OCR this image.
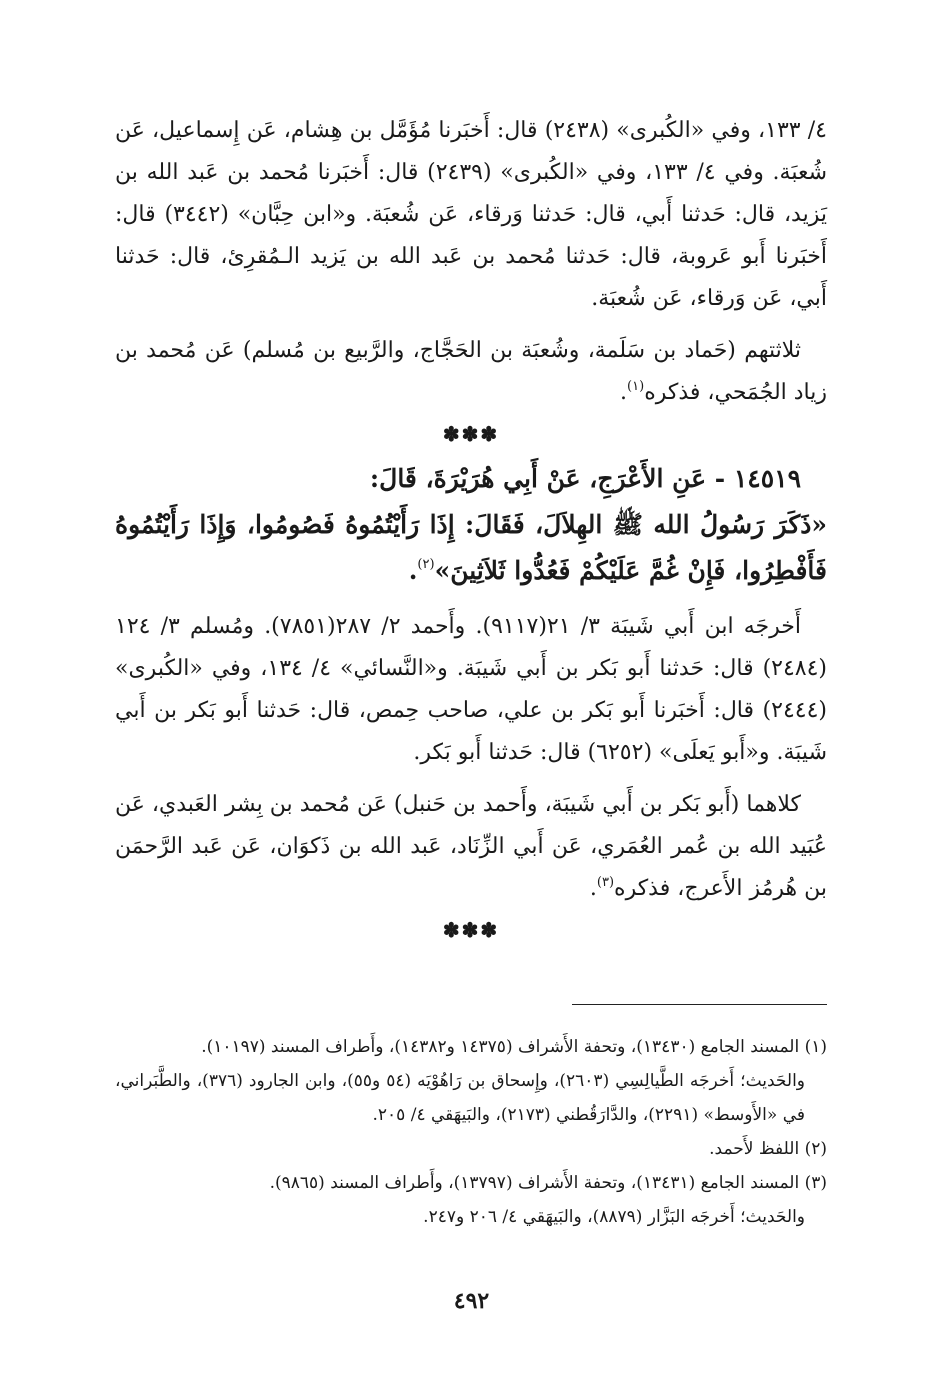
٤/ ١٣٣، وفي «الكُبرى» (٢٤٣٨) قال: أَخبَرنا مُؤَمَّل بن هِشام، عَن إِسماعيل، عَن شُعبَة. وفي ٤/ ١٣٣، وفي «الكُبرى» (٢٤٣٩) قال: أَخبَرنا مُحمد بن عَبد الله بن يَزيد، قال: حَدثنا أَبي، قال: حَدثنا وَرقاء، عَن شُعبَة. و«ابن حِبَّان» (٣٤٤٢) قال: أَخبَرنا أَبو عَروبة، قال: حَدثنا مُحمد بن عَبد الله بن يَزيد الـمُقرِئ، قال: حَدثنا أَبي، عَن وَرقاء، عَن شُعبَة.

ثلاثتهم (حَماد بن سَلَمة، وشُعبَة بن الحَجَّاج، والرَّبيع بن مُسلم) عَن مُحمد بن زياد الجُمَحي، فذكره$^{(١)}$.

✽✽✽

١٤٥١٩ - عَنِ الأَعْرَجِ، عَنْ أَبِي هُرَيْرَةَ، قَالَ:

«ذَكَرَ رَسُولُ الله ﷺ الهِلاَلَ، فَقَالَ: إِذَا رَأَيْتُمُوهُ فَصُومُوا، وَإِذَا رَأَيْتُمُوهُ فَأَفْطِرُوا، فَإِنْ غُمَّ عَلَيْكُمْ فَعُدُّوا ثَلاَثِينَ»$^{(٢)}$.

أَخرجَه ابن أَبي شَيبَة ٣/ ٢١(٩١١٧). وأَحمد ٢/ ٢٨٧(٧٨٥١). ومُسلم ٣/ ١٢٤ (٢٤٨٤) قال: حَدثنا أَبو بَكر بن أَبي شَيبَة. و«النَّسائي» ٤/ ١٣٤، وفي «الكُبرى» (٢٤٤٤) قال: أَخبَرنا أَبو بَكر بن علي، صاحب حِمص، قال: حَدثنا أَبو بَكر بن أَبي شَيبَة. و«أَبو يَعلَى» (٦٢٥٢) قال: حَدثنا أَبو بَكر.

كلاهما (أَبو بَكر بن أَبي شَيبَة، وأَحمد بن حَنبل) عَن مُحمد بن بِشر العَبدي، عَن عُبَيد الله بن عُمر العُمَري، عَن أَبي الزِّنَاد، عَبد الله بن ذَكوَان، عَن عَبد الرَّحمَن بن هُرمُز الأَعرج، فذكره$^{(٣)}$.

✽✽✽

(١) المسند الجامع (١٣٤٣٠)، وتحفة الأَشراف (١٤٣٧٥ و١٤٣٨٢)، وأَطراف المسند (١٠١٩٧).

والحَديث؛ أَخرجَه الطَّيالِسِي (٢٦٠٣)، وإِسحاق بن رَاهُوْيَه (٥٤ و٥٥)، وابن الجارود (٣٧٦)، والطَّبَراني، في «الأَوسط» (٢٢٩١)، والدَّارَقُطني (٢١٧٣)، والبَيهَقي ٤/ ٢٠٥.

(٢) اللفظ لأَحمد.

(٣) المسند الجامع (١٣٤٣١)، وتحفة الأَشراف (١٣٧٩٧)، وأَطراف المسند (٩٨٦٥).

والحَديث؛ أَخرجَه البَزَّار (٨٨٧٩)، والبَيهَقي ٤/ ٢٠٦ و٢٤٧.

٤٩٢
